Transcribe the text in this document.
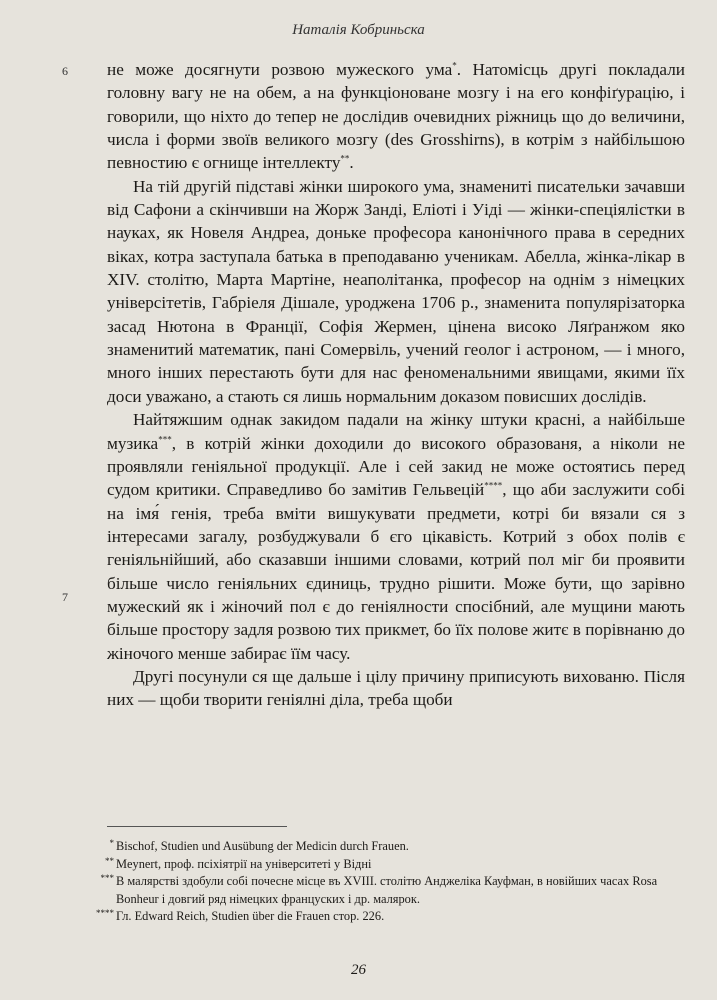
Наталія Кобриньска
6
7

не може досягнути розвою мужеского ума*. Натомісць другі покладали головну вагу не на обем, а на функціоноване мозгу і на его конфіґурацію, і говорили, що ніхто до тепер не дослідив очевидних ріжниць що до величини, числа і форми звоїв великого мозгу (des Grosshirns), в котрім з найбільшою певностию є огнище інтеллекту**.

На тій другій підставі жінки широкого ума, знамениті писательки зачавши від Сафони а скінчивши на Жорж Занді, Еліоті і Уіді — жінки-спеціялістки в науках, як Новеля Андреа, доньке професора канонічного права в середних віках, котра заступала батька в преподаваню ученикам. Абелла, жінка-лікар в XIV. столітю, Марта Мартіне, неаполітанка, професор на однім з німецких унiверсітетів, Габріеля Дішале, уроджена 1706 р., знаменита популярізаторка засад Нютона в Франції, Софія Жермен, цінена високо Ляґранжом яко знаменитий математик, пані Сомервіль, учений геолог і астроном, — і много, много інших перестають бути для нас феноменальними явищами, якими їїх доси уважано, а стають ся лишь нормальним доказом повисших дослідів.

Найтяжшим однак закидом падали на жінку штуки красні, а найбільше музика***, в котрій жінки доходили до високого образованя, а ніколи не проявляли геніяльної продукції. Але і сей закид не може остоятись перед судом критики. Справедливо бо замітив Гельвецій****, що аби заслужити собі на імя́ генія, треба вміти вишукувати предмети, котрі би вязали ся з інтересами загалу, розбуджували б єго цікавість. Котрий з обох полів є геніяльнійший, або сказавши іншими словами, котрий пол міг би проявити більше число геніяльних єдиниць, трудно рішити. Може бути, що зарівно мужеский як і жіночий пол є до геніялности спосібний, але мущини мають більше простору задля розвою тих прикмет, бо їїх полове житє в порівнаню до жіночого менше забирає їїм часу.

Другі посунули ся ще дальше і цілу причину приписують вихованю. Після них — щоби творити геніялні діла, треба щоби

* Bischof, Studien und Ausübung der Medicin durch Frauen.
** Meynert, проф. псіхіятрії на університеті у Відні
*** В малярстві здобули собі почесне місце въ XVIII. столітю Анджеліка Кауфман, в новійших часах Rosa Bonheur і довгий ряд німецких француских і др. малярок.
**** Гл. Edward Reich, Studien über die Frauen стор. 226.
26
